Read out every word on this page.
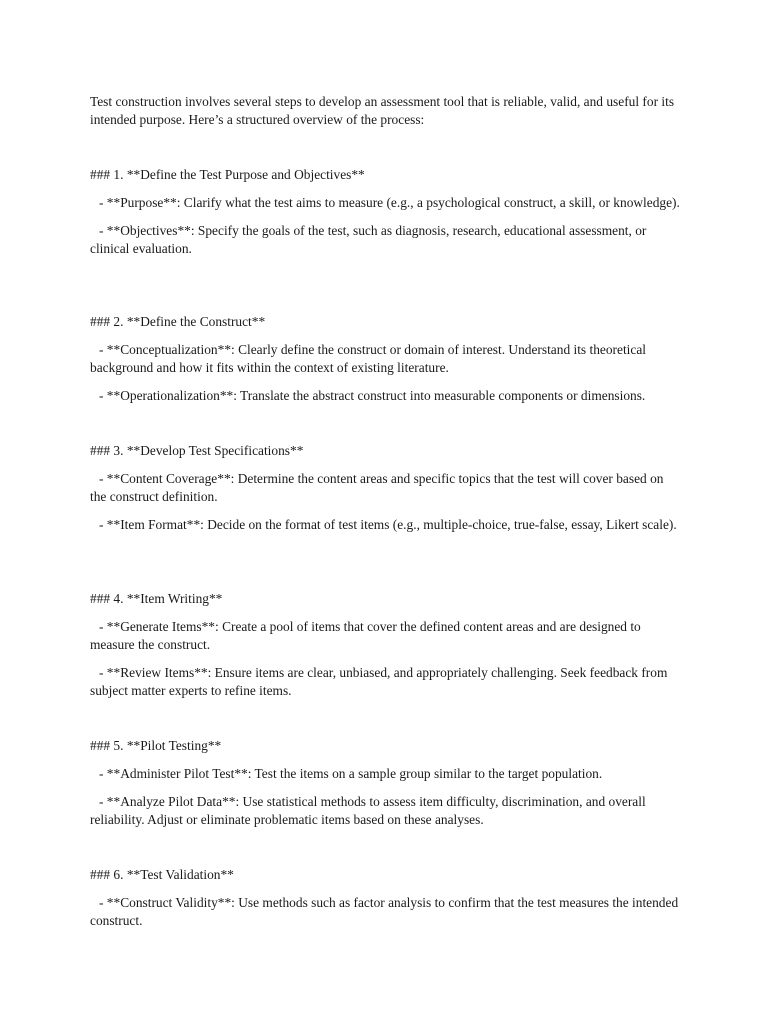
Test construction involves several steps to develop an assessment tool that is reliable, valid, and useful for its intended purpose. Here’s a structured overview of the process:

### 1. **Define the Test Purpose and Objectives**

- **Purpose**: Clarify what the test aims to measure (e.g., a psychological construct, a skill, or knowledge).

- **Objectives**: Specify the goals of the test, such as diagnosis, research, educational assessment, or clinical evaluation.

### 2. **Define the Construct**

- **Conceptualization**: Clearly define the construct or domain of interest. Understand its theoretical background and how it fits within the context of existing literature.

- **Operationalization**: Translate the abstract construct into measurable components or dimensions.

### 3. **Develop Test Specifications**

- **Content Coverage**: Determine the content areas and specific topics that the test will cover based on the construct definition.

- **Item Format**: Decide on the format of test items (e.g., multiple-choice, true-false, essay, Likert scale).

### 4. **Item Writing**

- **Generate Items**: Create a pool of items that cover the defined content areas and are designed to measure the construct.

- **Review Items**: Ensure items are clear, unbiased, and appropriately challenging. Seek feedback from subject matter experts to refine items.

### 5. **Pilot Testing**

- **Administer Pilot Test**: Test the items on a sample group similar to the target population.

- **Analyze Pilot Data**: Use statistical methods to assess item difficulty, discrimination, and overall reliability. Adjust or eliminate problematic items based on these analyses.

### 6. **Test Validation**

- **Construct Validity**: Use methods such as factor analysis to confirm that the test measures the intended construct.
